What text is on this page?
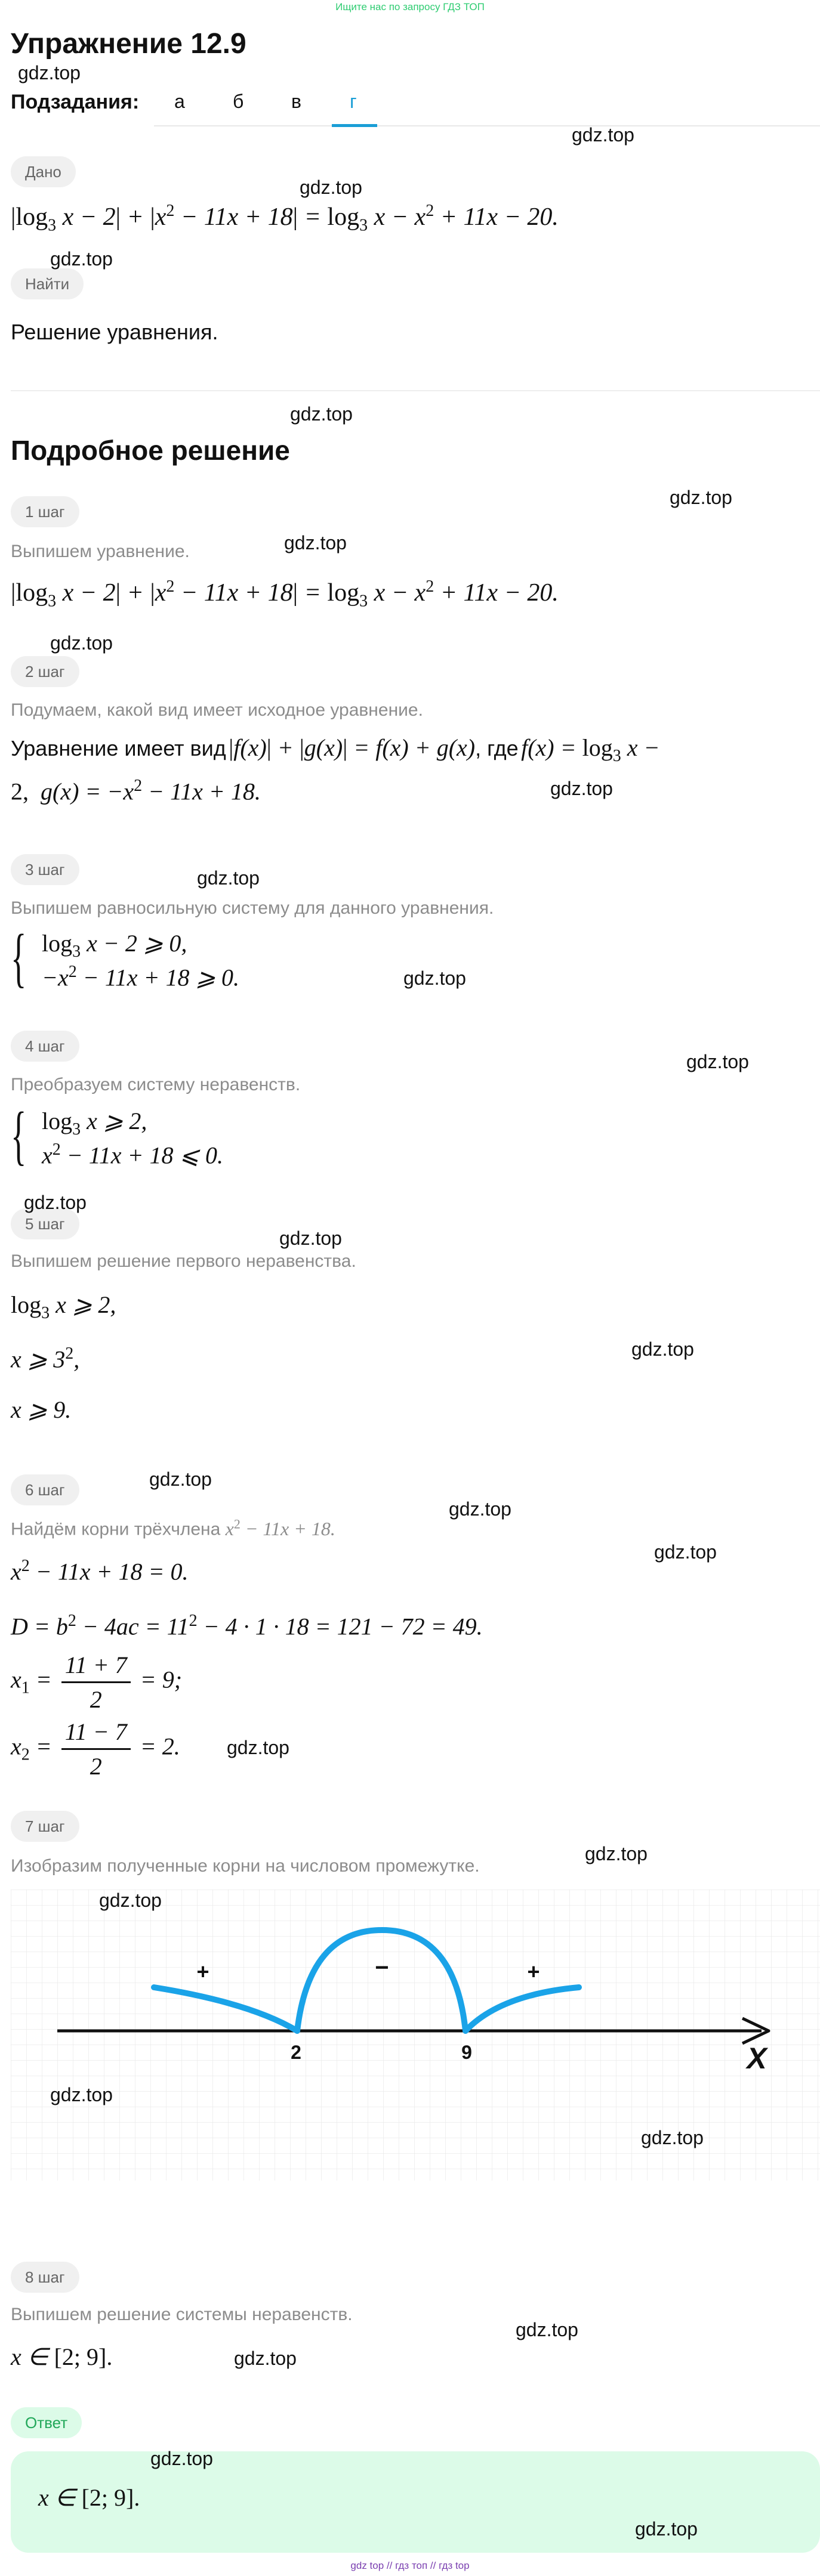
Ищите нас по запросу ГДЗ ТОП
Упражнение 12.9
gdz.top
Подзадания: а	б в	г
Дано
$|\log_3$ $x - 2| + |x^2 - 11x + 18| = \log_3 x - x^2 + 11x - 20$.
Найти
Решение уравнения.
Подробное решение
1 шаг
Выпишем уравнение.
$|\log_3$ $x - 2| + |x^2 - 11x + 18| = \log_3 x - x^2 + 11x - 20$.
2 шаг
Подумаем, какой вид имеет исходное уравнение.
Уравнение имеет вид |f(x)| + |g(x)| = f(x) + g(x), где $f(x) = \log_3 x$ −
2,  $g(x) = -x^2 - 11x + 18$.
3 шаг
Выпишем равносильную систему для данного уравнения.
{ $\log_3 x - 2$ ⩾ 0,
$-x^2 - 11x + 18$ ⩾ 0.
4 шаг
Преобразуем систему неравенств.
{ $\log_3 x$ ⩾ 2,
$x^2 - 11x + 18$ ⩽ 0.
5 шаг
Выпишем решение первого неравенства.
$\log_3 x$ ⩾ 2,
x ⩾ $3^2$,
x ⩾ 9.
6 шаг
Найдём корни трёхчлена $x^2 - 11x + 18$.
$x^2 - 11x + 18 = 0$.
$D = b^2 - 4ac = 11^2 - 4 \cdot 1 \cdot 18 = 121 - 72 = 49$.
$x_1 = \frac{11 + 7}{2} = 9$;
$x_2 = \frac{11 - 7}{2} = 2$.
7 шаг
Изобразим полученные корни на числовом промежутке.
+	−	+
2	9	X
8 шаг
Выпишем решение системы неравенств.
x ∈ [2; 9].
Ответ
x ∈ [2; 9].
gdz top // гдз топ // гдз top
gdz.top
gdz.top
gdz.top
gdz.top
gdz.top
gdz.top
gdz.top
gdz.top
gdz.top
gdz.top
gdz.top
gdz.top
gdz.top
gdz.top
gdz.top
gdz.top
gdz.top
gdz.top
gdz.top
gdz.top
gdz.top
gdz.top
gdz.top
gdz.top
gdz.top
gdz.top
